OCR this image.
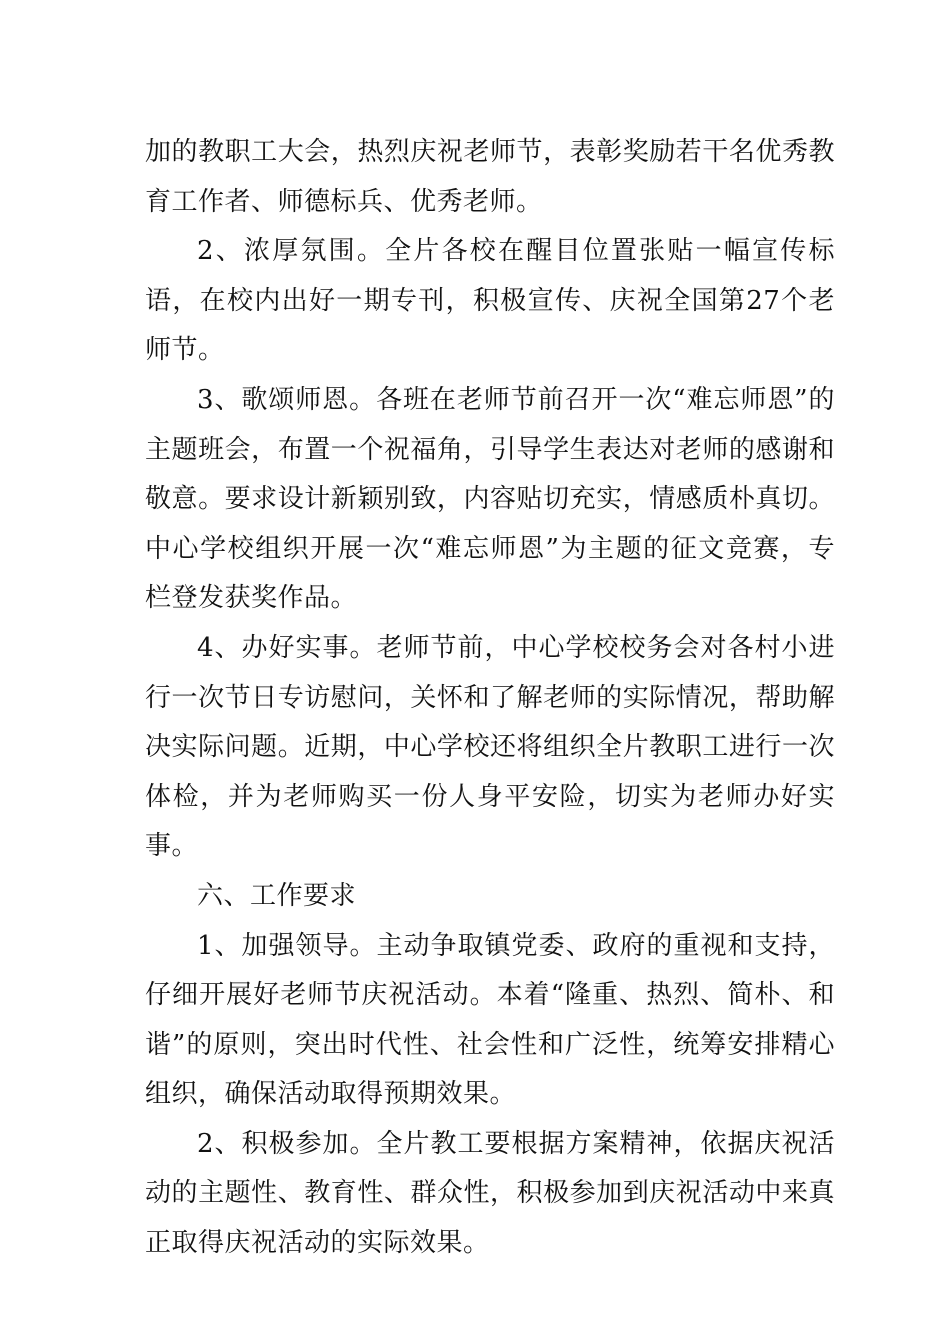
加的教职工大会，热烈庆祝老师节，表彰奖励若干名优秀教育工作者、师德标兵、优秀老师。

2、浓厚氛围。全片各校在醒目位置张贴一幅宣传标语，在校内出好一期专刊，积极宣传、庆祝全国第27个老师节。

3、歌颂师恩。各班在老师节前召开一次“难忘师恩”的主题班会，布置一个祝福角，引导学生表达对老师的感谢和敬意。要求设计新颖别致，内容贴切充实，情感质朴真切。中心学校组织开展一次“难忘师恩”为主题的征文竞赛，专栏登发获奖作品。

4、办好实事。老师节前，中心学校校务会对各村小进行一次节日专访慰问，关怀和了解老师的实际情况，帮助解决实际问题。近期，中心学校还将组织全片教职工进行一次体检，并为老师购买一份人身平安险，切实为老师办好实事。

六、工作要求

1、加强领导。主动争取镇党委、政府的重视和支持，仔细开展好老师节庆祝活动。本着“隆重、热烈、简朴、和谐”的原则，突出时代性、社会性和广泛性，统筹安排精心组织，确保活动取得预期效果。

2、积极参加。全片教工要根据方案精神，依据庆祝活动的主题性、教育性、群众性，积极参加到庆祝活动中来真正取得庆祝活动的实际效果。
